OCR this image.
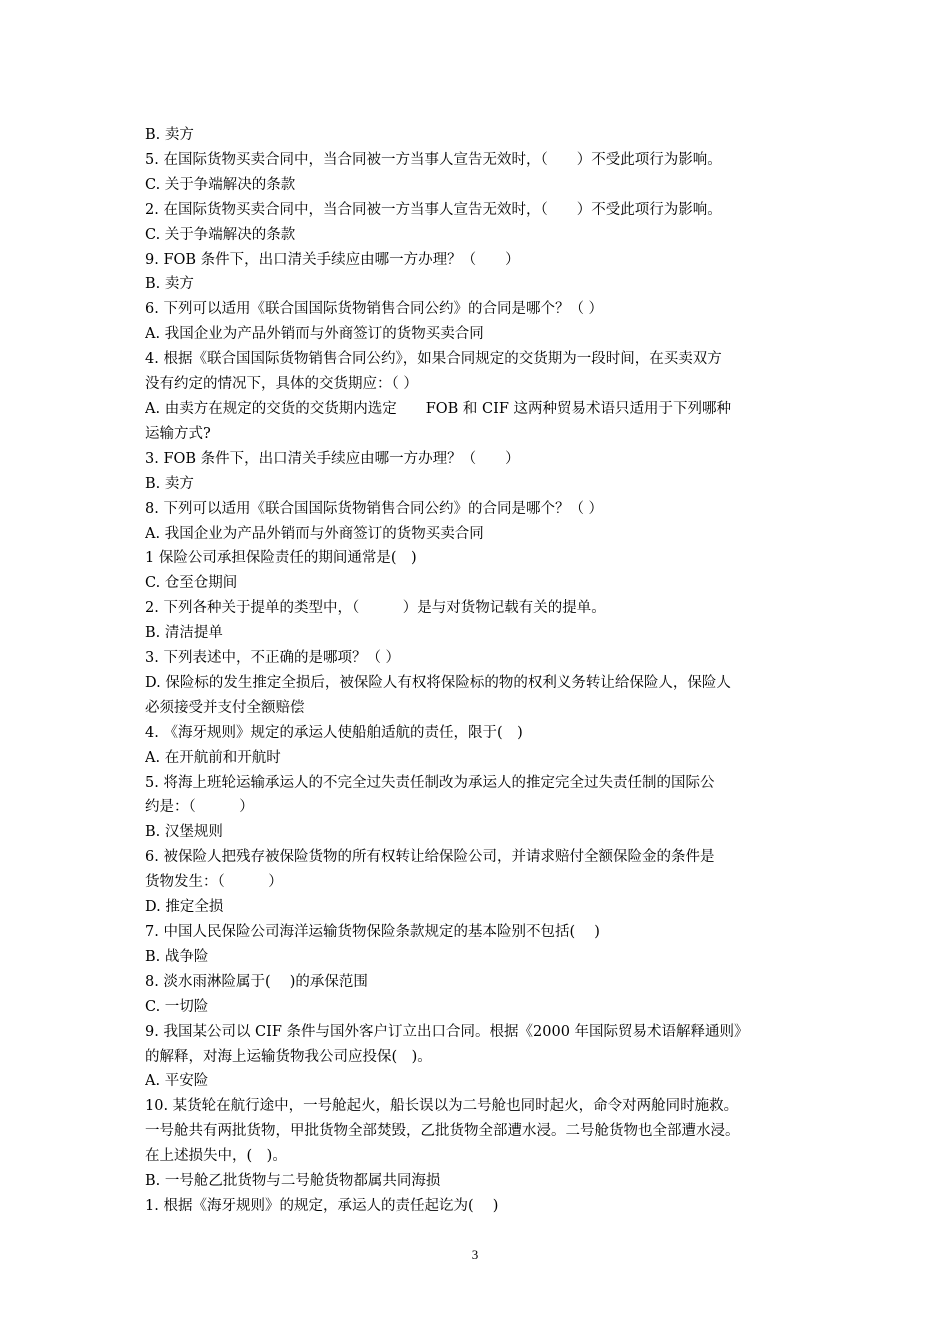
B. 卖方

5. 在国际货物买卖合同中，当合同被一方当事人宣告无效时，（　　）不受此项行为影响。

C. 关于争端解决的条款

2. 在国际货物买卖合同中，当合同被一方当事人宣告无效时，（　　）不受此项行为影响。

C. 关于争端解决的条款

9. FOB 条件下，出口清关手续应由哪一方办理？（　　）

B. 卖方

6. 下列可以适用《联合国国际货物销售合同公约》的合同是哪个？（ ）

A. 我国企业为产品外销而与外商签订的货物买卖合同

4. 根据《联合国国际货物销售合同公约》，如果合同规定的交货期为一段时间，在买卖双方

没有约定的情况下，具体的交货期应：（ ）

A. 由卖方在规定的交货的交货期内选定　　FOB 和 CIF 这两种贸易术语只适用于下列哪种

运输方式?

3. FOB 条件下，出口清关手续应由哪一方办理？（　　）

B. 卖方

8. 下列可以适用《联合国国际货物销售合同公约》的合同是哪个？（ ）

A. 我国企业为产品外销而与外商签订的货物买卖合同

1 保险公司承担保险责任的期间通常是(　)

C. 仓至仓期间

2. 下列各种关于提单的类型中，（　　　）是与对货物记载有关的提单。

B. 清洁提单

3. 下列表述中，不正确的是哪项？（ ）

D. 保险标的发生推定全损后，被保险人有权将保险标的物的权利义务转让给保险人，保险人

必须接受并支付全额赔偿

4. 《海牙规则》规定的承运人使船舶适航的责任，限于(　)

A. 在开航前和开航时

5. 将海上班轮运输承运人的不完全过失责任制改为承运人的推定完全过失责任制的国际公

约是：（　　　）

B. 汉堡规则

6. 被保险人把残存被保险货物的所有权转让给保险公司，并请求赔付全额保险金的条件是

货物发生：（　　　）

D. 推定全损

7. 中国人民保险公司海洋运输货物保险条款规定的基本险别不包括(　 )

B. 战争险

8. 淡水雨淋险属于(　 )的承保范围

C. 一切险

9. 我国某公司以 CIF 条件与国外客户订立出口合同。根据《2000 年国际贸易术语解释通则》

的解释，对海上运输货物我公司应投保(　)。

A. 平安险

10. 某货轮在航行途中，一号舱起火，船长误以为二号舱也同时起火，命令对两舱同时施救。

一号舱共有两批货物，甲批货物全部焚毁，乙批货物全部遭水浸。二号舱货物也全部遭水浸。

在上述损失中，(　)。

B. 一号舱乙批货物与二号舱货物都属共同海损

1. 根据《海牙规则》的规定，承运人的责任起讫为(　 )

3
